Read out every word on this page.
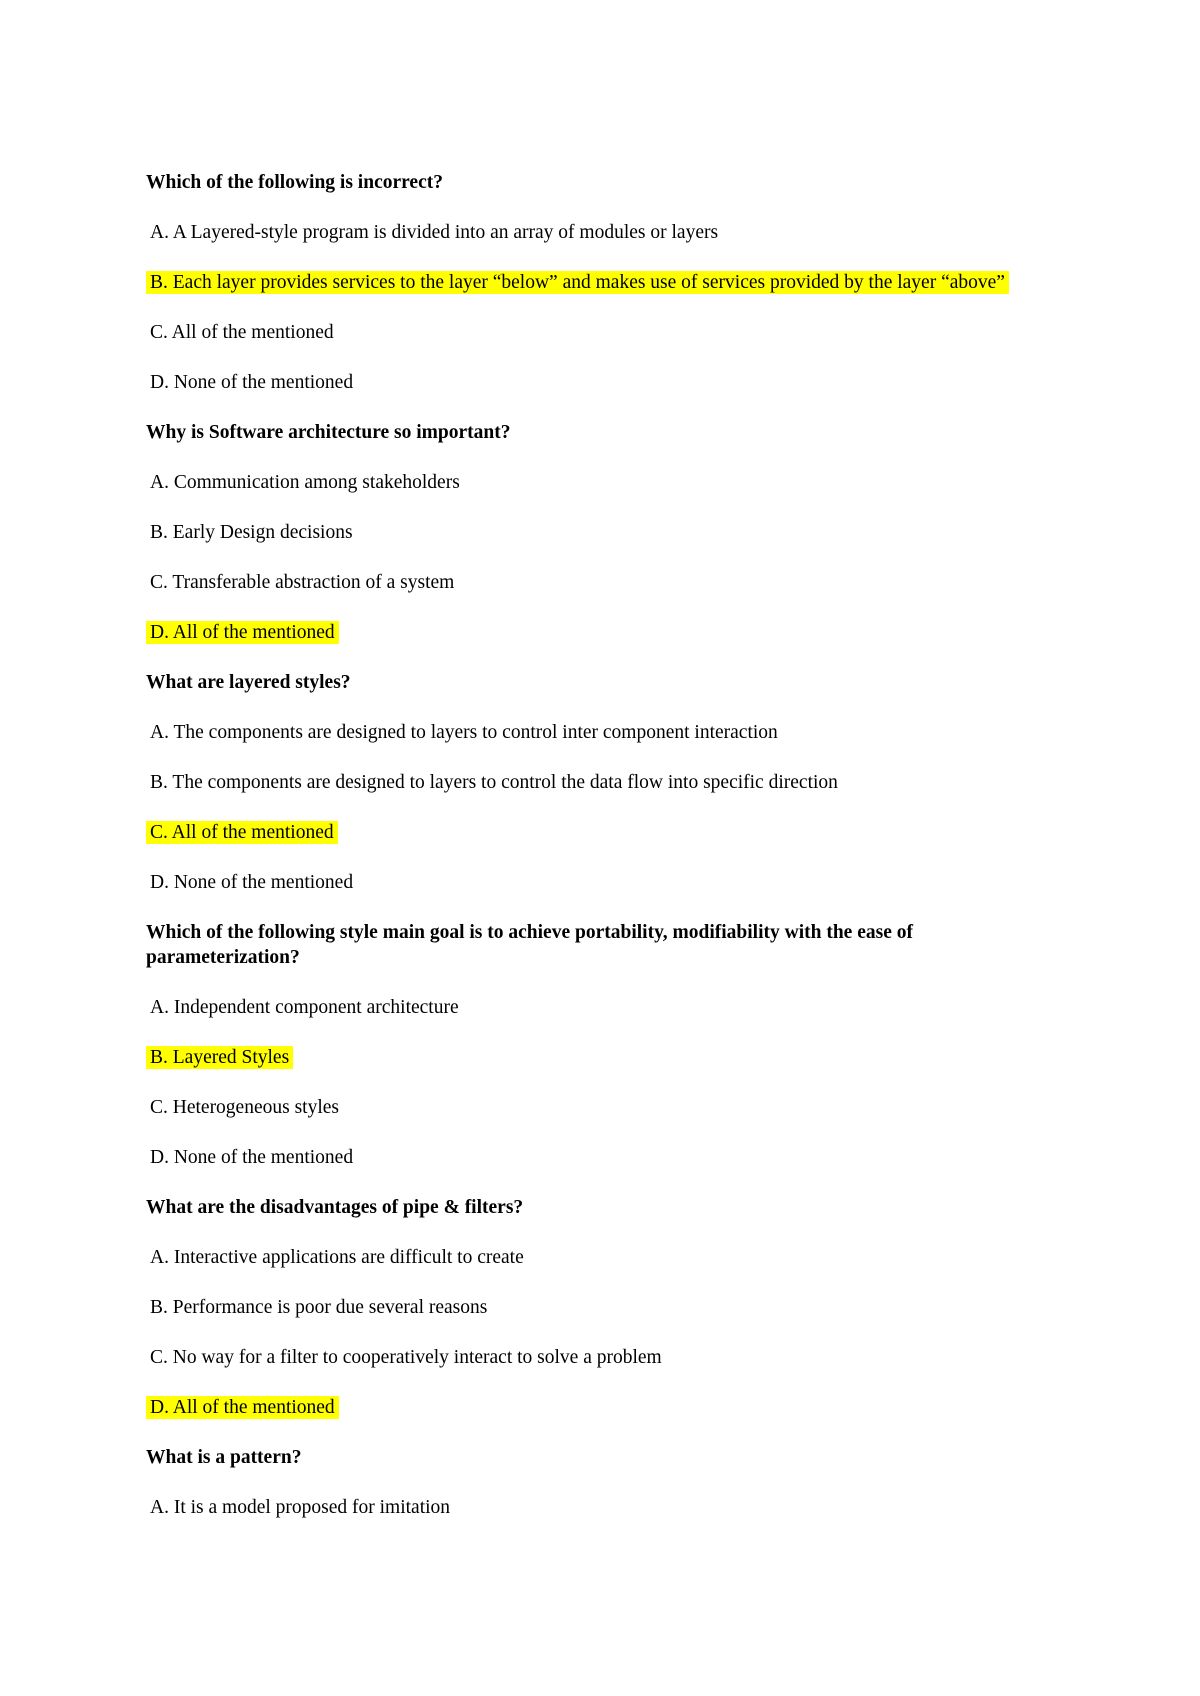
Which of the following is incorrect?
A. A Layered-style program is divided into an array of modules or layers
B. Each layer provides services to the layer “below” and makes use of services provided by the layer “above”
C. All of the mentioned
D. None of the mentioned
Why is Software architecture so important?
A. Communication among stakeholders
B. Early Design decisions
C. Transferable abstraction of a system
D. All of the mentioned
What are layered styles?
A. The components are designed to layers to control inter component interaction
B. The components are designed to layers to control the data flow into specific direction
C. All of the mentioned
D. None of the mentioned
Which of the following style main goal is to achieve portability, modifiability with the ease of parameterization?
A. Independent component architecture
B. Layered Styles
C. Heterogeneous styles
D. None of the mentioned
What are the disadvantages of pipe & filters?
A. Interactive applications are difficult to create
B. Performance is poor due several reasons
C. No way for a filter to cooperatively interact to solve a problem
D. All of the mentioned
What is a pattern?
A. It is a model proposed for imitation
